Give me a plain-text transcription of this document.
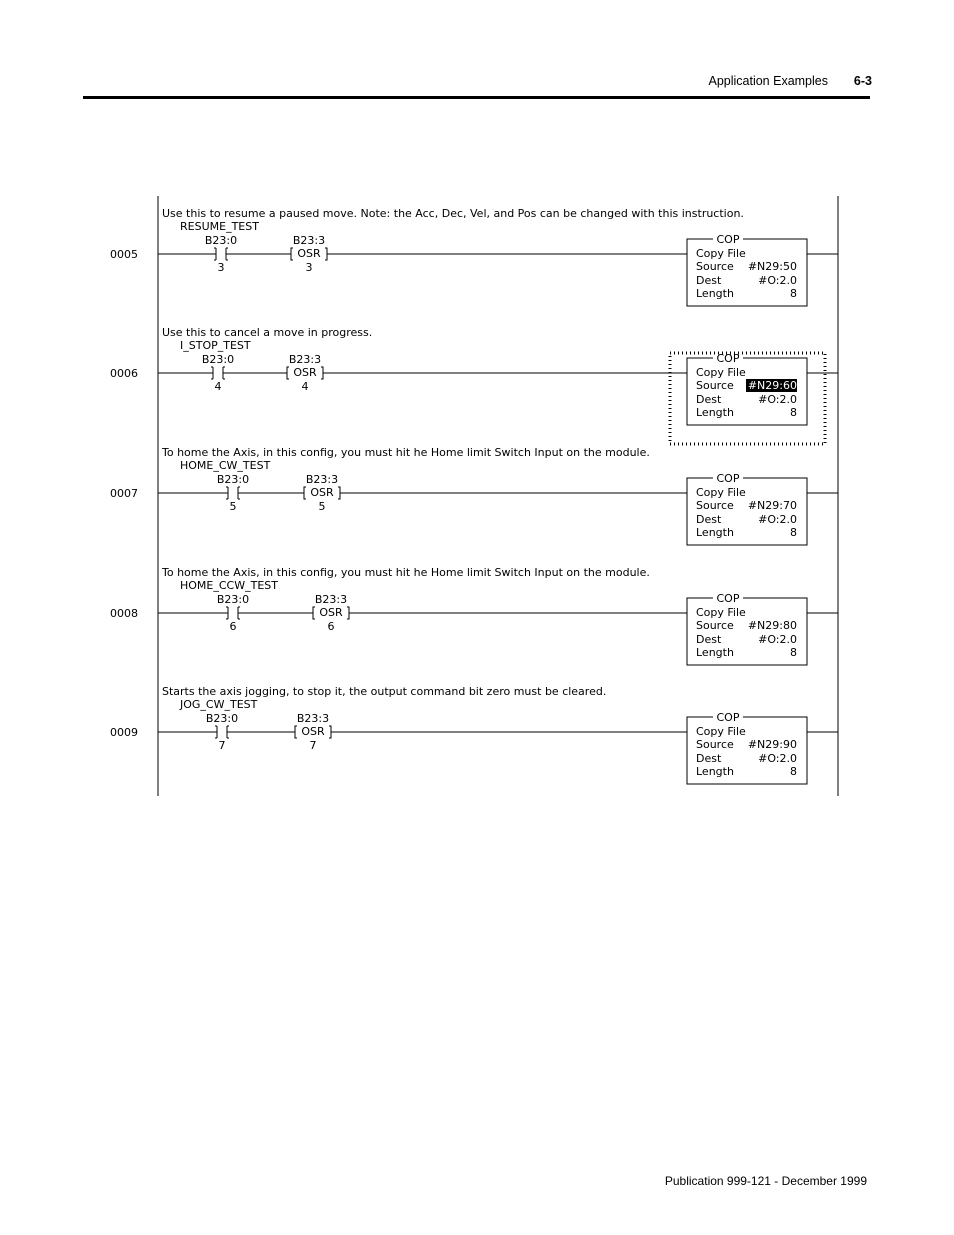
Application Examples	6-3
0005
Use this to resume a paused move. Note: the Acc, Dec, Vel, and Pos can be changed with this instruction.
RESUME_TEST
B23:0
3
OSR
B23:3
3
COP
Copy File
Source #N29:50
Dest	#O:2.0
Length	8
0006
Use this to cancel a move in progress.
I_STOP_TEST
B23:0
4
OSR
B23:3
4
COP
Copy File
Source #N29:60
Dest	#O:2.0
Length	8
0007
To home the Axis, in this config, you must hit he Home limit Switch Input on the module.
HOME_CW_TEST
B23:0
5
OSR
B23:3
5
COP
Copy File
Source #N29:70
Dest	#O:2.0
Length	8
0008
To home the Axis, in this config, you must hit he Home limit Switch Input on the module.
HOME_CCW_TEST
B23:0
6
OSR
B23:3
6
COP
Copy File
Source #N29:80
Dest	#O:2.0
Length	8
0009
Starts the axis jogging, to stop it, the output command bit zero must be cleared.
JOG_CW_TEST
B23:0
7
OSR
B23:3
7
COP
Copy File
Source #N29:90
Dest	#O:2.0
Length	8
Publication 999-121 - December 1999
